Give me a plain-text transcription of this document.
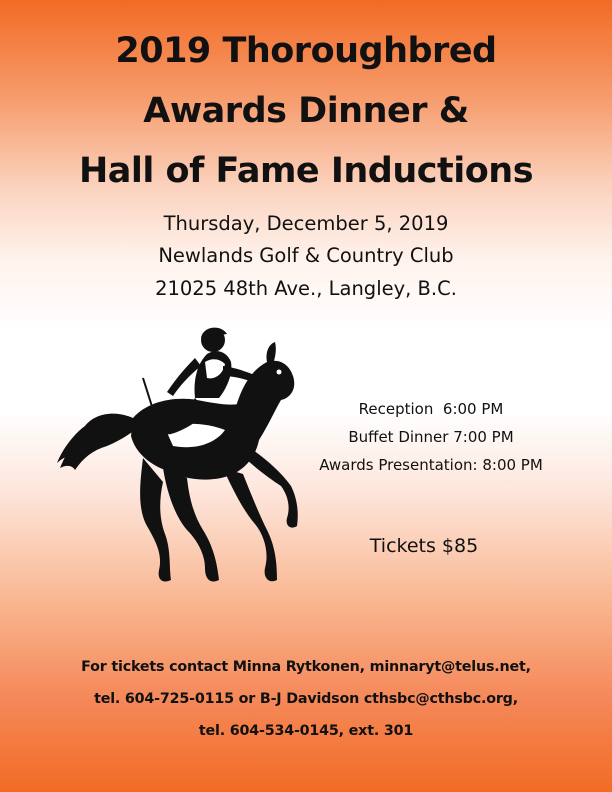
2019 Thoroughbred
Awards Dinner &
Hall of Fame Inductions
Thursday, December 5, 2019
Newlands Golf & Country Club
21025 48th Ave., Langley, B.C.
Reception  6:00 PM
Buffet Dinner 7:00 PM
Awards Presentation: 8:00 PM
Tickets $85
For tickets contact Minna Rytkonen, minnaryt@telus.net,
tel. 604-725-0115 or B-J Davidson cthsbc@cthsbc.org,
tel. 604-534-0145, ext. 301
